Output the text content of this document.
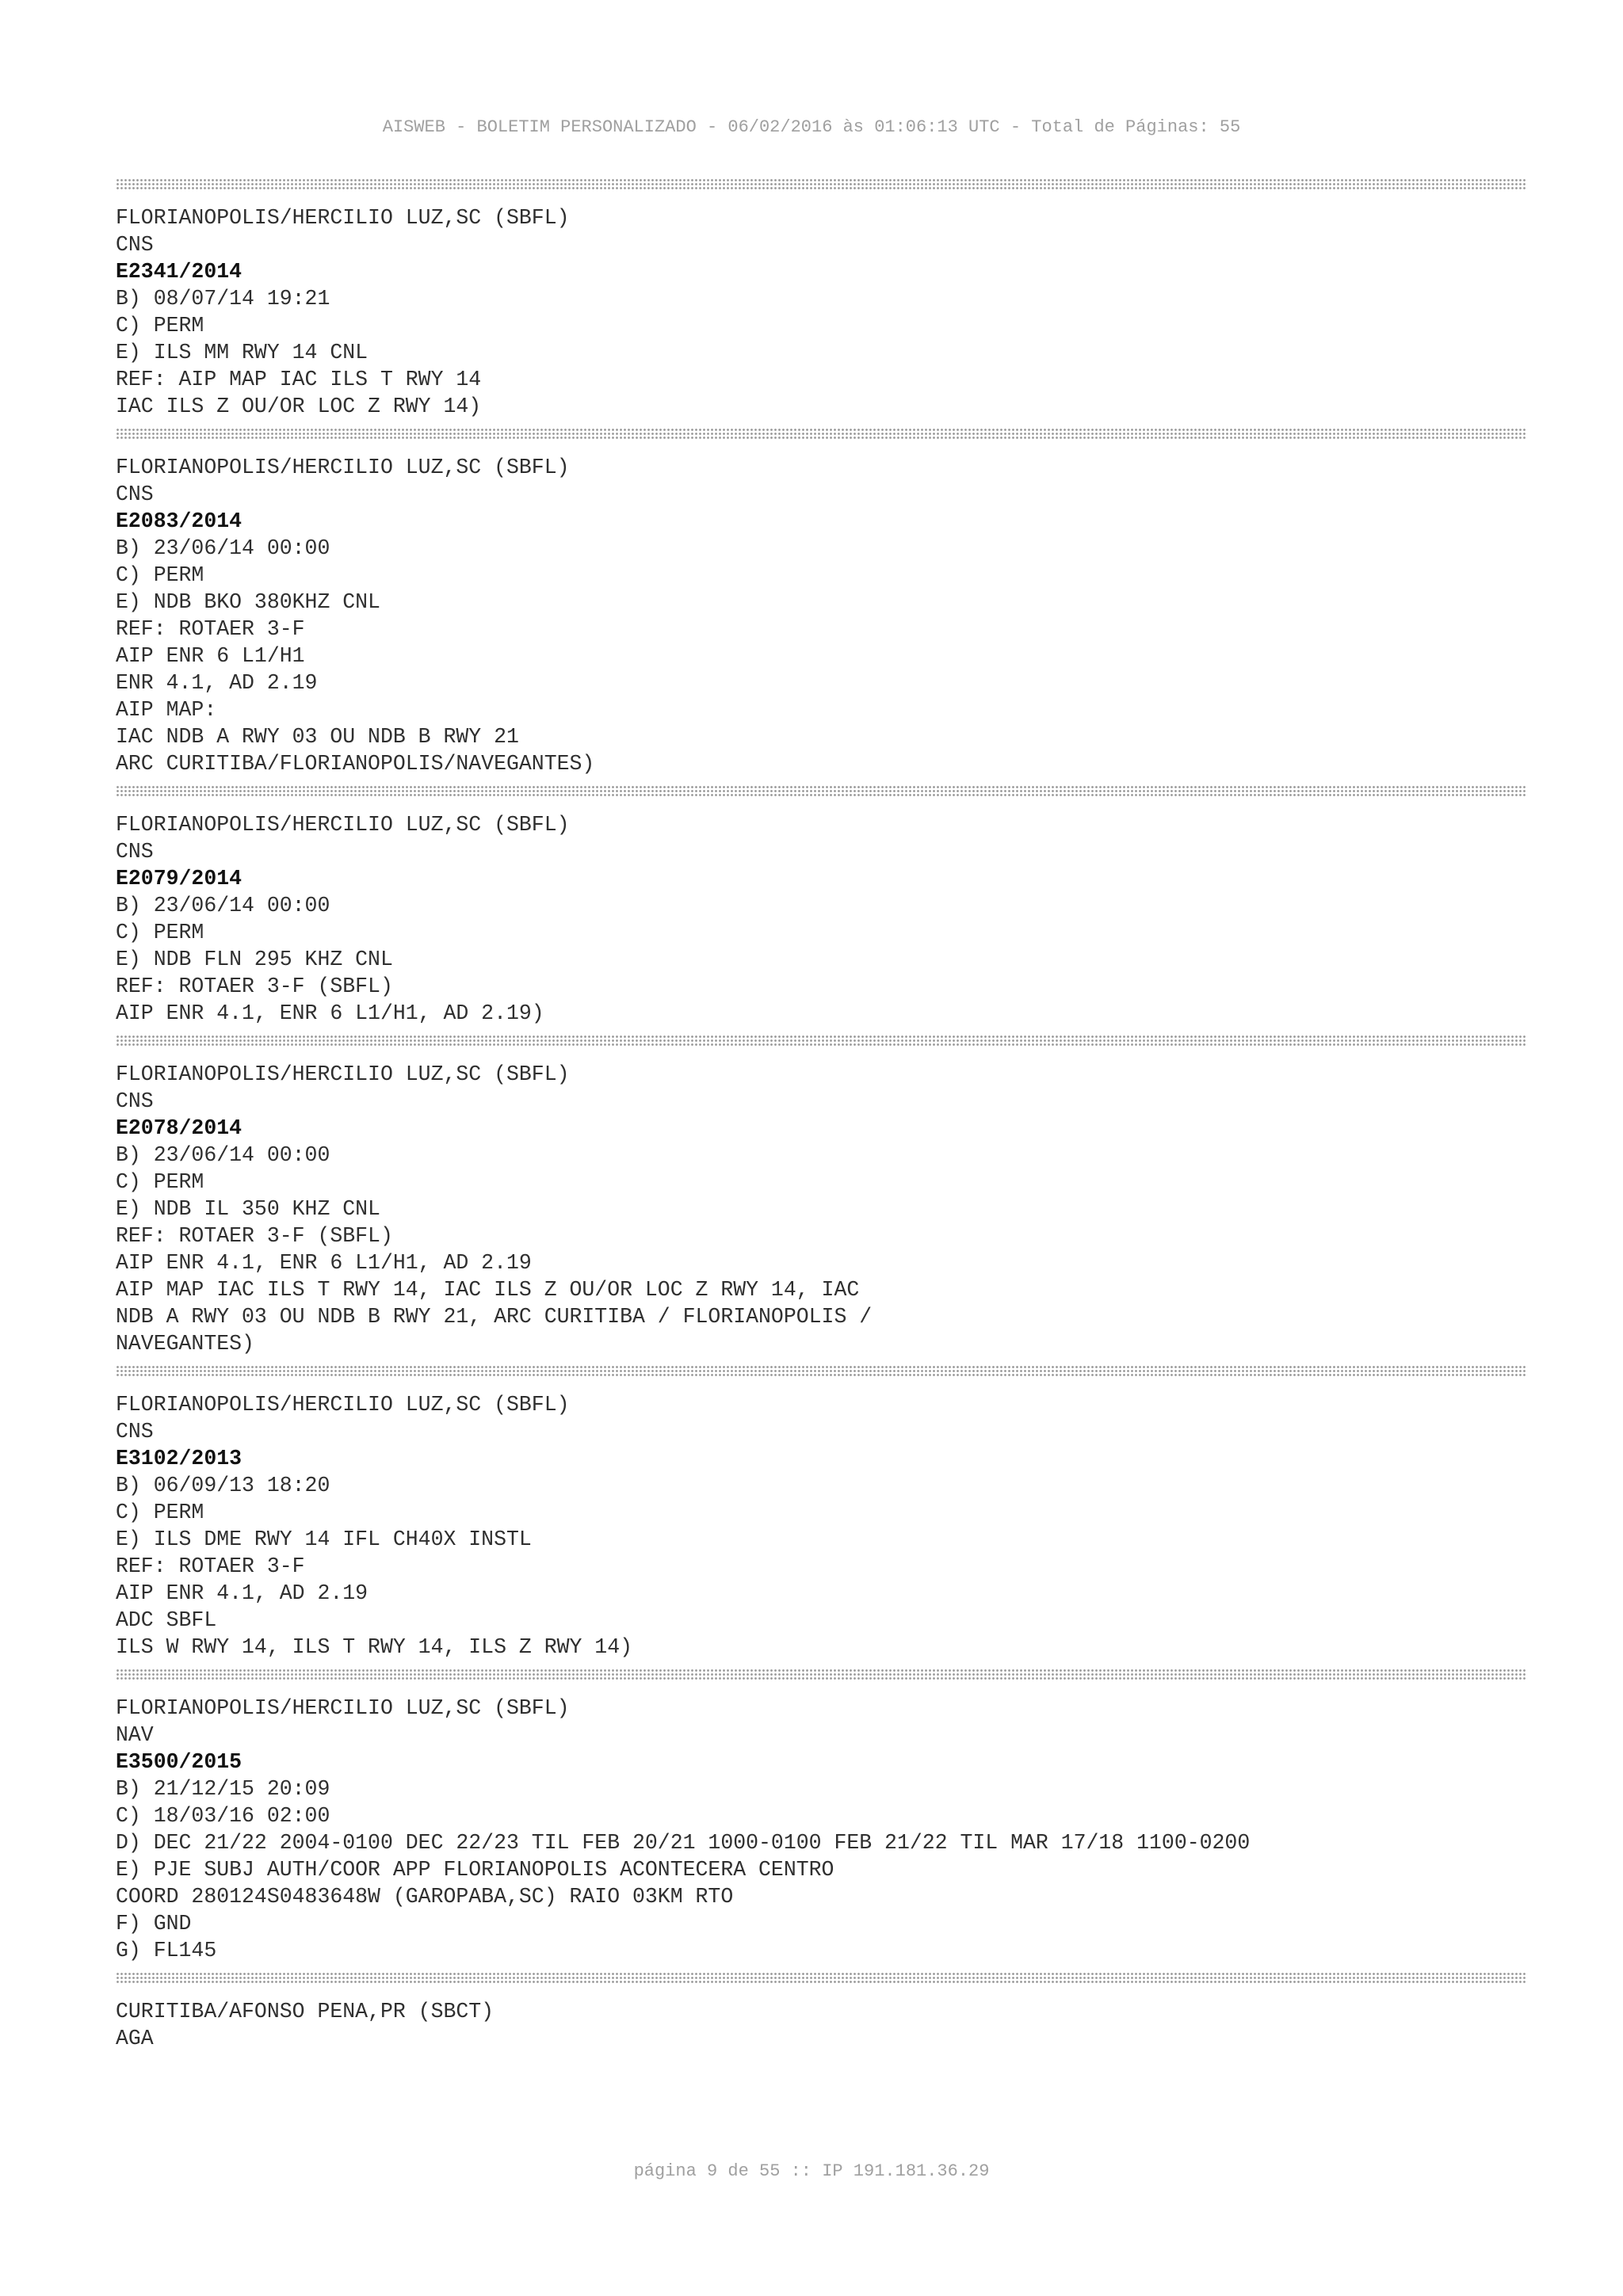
AISWEB - BOLETIM PERSONALIZADO - 06/02/2016 às 01:06:13 UTC - Total de Páginas: 55
FLORIANOPOLIS/HERCILIO LUZ,SC (SBFL)
CNS
E2341/2014
B) 08/07/14 19:21
C) PERM
E) ILS MM RWY 14 CNL
REF: AIP MAP IAC ILS T RWY 14
IAC ILS Z OU/OR LOC Z RWY 14)
FLORIANOPOLIS/HERCILIO LUZ,SC (SBFL)
CNS
E2083/2014
B) 23/06/14 00:00
C) PERM
E) NDB BKO 380KHZ CNL
REF: ROTAER 3-F
AIP ENR 6 L1/H1
ENR 4.1, AD 2.19
AIP MAP:
IAC NDB A RWY 03 OU NDB B RWY 21
ARC CURITIBA/FLORIANOPOLIS/NAVEGANTES)
FLORIANOPOLIS/HERCILIO LUZ,SC (SBFL)
CNS
E2079/2014
B) 23/06/14 00:00
C) PERM
E) NDB FLN 295 KHZ CNL
REF: ROTAER 3-F (SBFL)
AIP ENR 4.1, ENR 6 L1/H1, AD 2.19)
FLORIANOPOLIS/HERCILIO LUZ,SC (SBFL)
CNS
E2078/2014
B) 23/06/14 00:00
C) PERM
E) NDB IL 350 KHZ CNL
REF: ROTAER 3-F (SBFL)
AIP ENR 4.1, ENR 6 L1/H1, AD 2.19
AIP MAP IAC ILS T RWY 14, IAC ILS Z OU/OR LOC Z RWY 14, IAC
NDB A RWY 03 OU NDB B RWY 21, ARC CURITIBA / FLORIANOPOLIS /
NAVEGANTES)
FLORIANOPOLIS/HERCILIO LUZ,SC (SBFL)
CNS
E3102/2013
B) 06/09/13 18:20
C) PERM
E) ILS DME RWY 14 IFL CH40X INSTL
REF: ROTAER 3-F
AIP ENR 4.1, AD 2.19
ADC SBFL
ILS W RWY 14, ILS T RWY 14, ILS Z RWY 14)
FLORIANOPOLIS/HERCILIO LUZ,SC (SBFL)
NAV
E3500/2015
B) 21/12/15 20:09
C) 18/03/16 02:00
D) DEC 21/22 2004-0100 DEC 22/23 TIL FEB 20/21 1000-0100 FEB 21/22 TIL MAR 17/18 1100-0200
E) PJE SUBJ AUTH/COOR APP FLORIANOPOLIS ACONTECERA CENTRO
COORD 280124S0483648W (GAROPABA,SC) RAIO 03KM RTO
F) GND
G) FL145
CURITIBA/AFONSO PENA,PR (SBCT)
AGA
página 9 de 55 :: IP 191.181.36.29
